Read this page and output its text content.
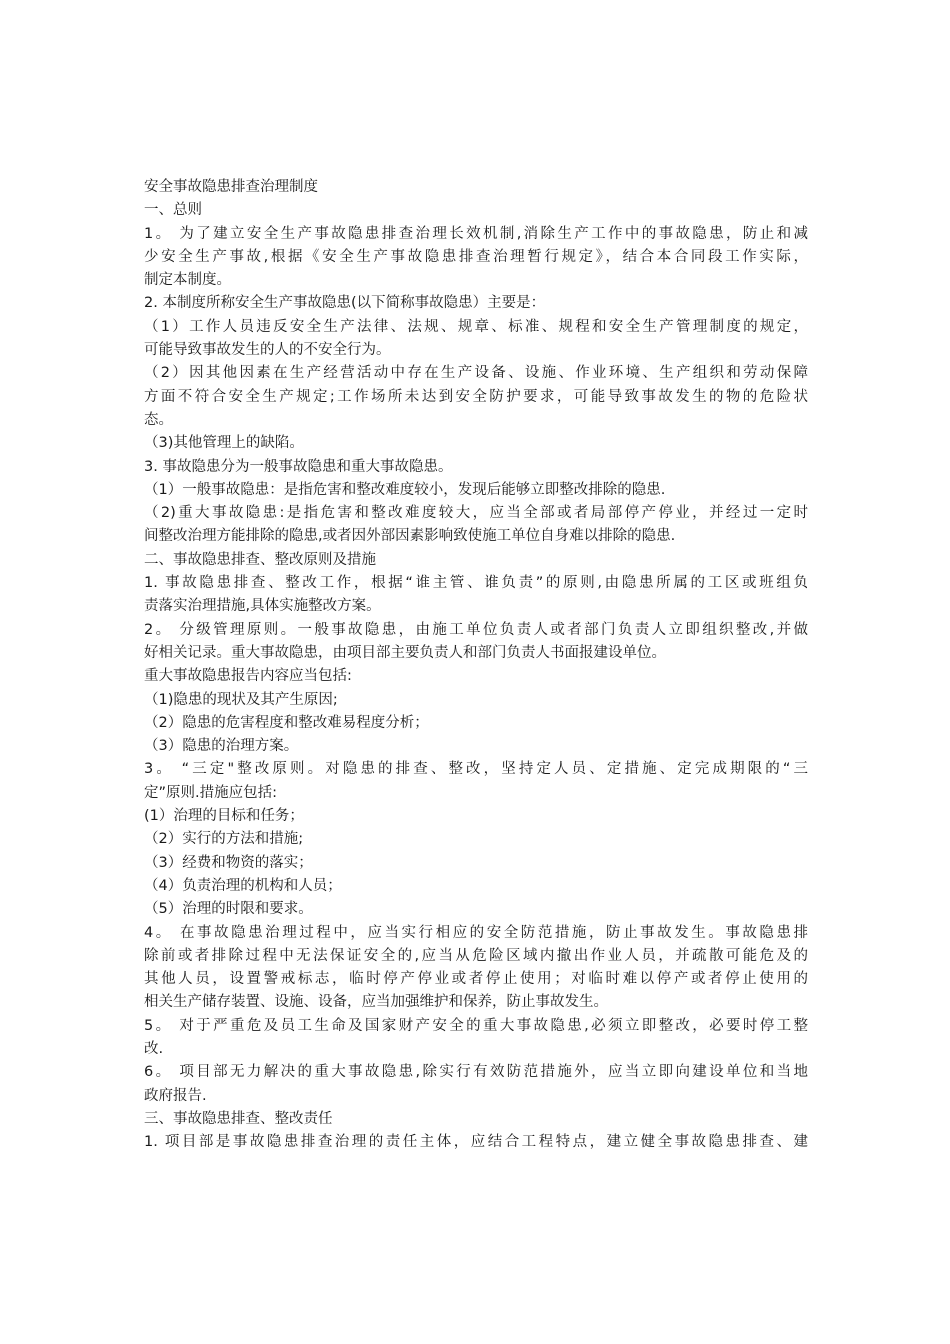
安全事故隐患排查治理制度
一、总则
1。 为了建立安全生产事故隐患排查治理长效机制,消除生产工作中的事故隐患，防止和减
少安全生产事故,根据《安全生产事故隐患排查治理暂行规定》，结合本合同段工作实际，
制定本制度。
2. 本制度所称安全生产事故隐患(以下简称事故隐患）主要是：
（1）工作人员违反安全生产法律、法规、规章、标准、规程和安全生产管理制度的规定，
可能导致事故发生的人的不安全行为。
（2）因其他因素在生产经营活动中存在生产设备、设施、作业环境、生产组织和劳动保障
方面不符合安全生产规定;工作场所未达到安全防护要求，可能导致事故发生的物的危险状
态。
（3)其他管理上的缺陷。
3. 事故隐患分为一般事故隐患和重大事故隐患。
（1）一般事故隐患：是指危害和整改难度较小，发现后能够立即整改排除的隐患.
（2)重大事故隐患:是指危害和整改难度较大，应当全部或者局部停产停业，并经过一定时
间整改治理方能排除的隐患,或者因外部因素影响致使施工单位自身难以排除的隐患.
二、事故隐患排查、整改原则及措施
1. 事故隐患排查、整改工作，根据“谁主管、谁负责”的原则,由隐患所属的工区或班组负
责落实治理措施,具体实施整改方案。
2。 分级管理原则。一般事故隐患，由施工单位负责人或者部门负责人立即组织整改,并做
好相关记录。重大事故隐患，由项目部主要负责人和部门负责人书面报建设单位。
重大事故隐患报告内容应当包括:
（1)隐患的现状及其产生原因;
（2）隐患的危害程度和整改难易程度分析；
（3）隐患的治理方案。
3。 “三定"整改原则。对隐患的排查、整改，坚持定人员、定措施、定完成期限的“三
定”原则.措施应包括:
(1）治理的目标和任务；
（2）实行的方法和措施;
（3）经费和物资的落实；
（4）负责治理的机构和人员；
（5）治理的时限和要求。
4。 在事故隐患治理过程中，应当实行相应的安全防范措施，防止事故发生。事故隐患排
除前或者排除过程中无法保证安全的,应当从危险区域内撤出作业人员，并疏散可能危及的
其他人员，设置警戒标志，临时停产停业或者停止使用；对临时难以停产或者停止使用的
相关生产储存装置、设施、设备，应当加强维护和保养，防止事故发生。
5。 对于严重危及员工生命及国家财产安全的重大事故隐患,必须立即整改，必要时停工整
改.
6。 项目部无力解决的重大事故隐患,除实行有效防范措施外，应当立即向建设单位和当地
政府报告.
三、事故隐患排查、整改责任
1. 项目部是事故隐患排查治理的责任主体，应结合工程特点，建立健全事故隐患排查、建
